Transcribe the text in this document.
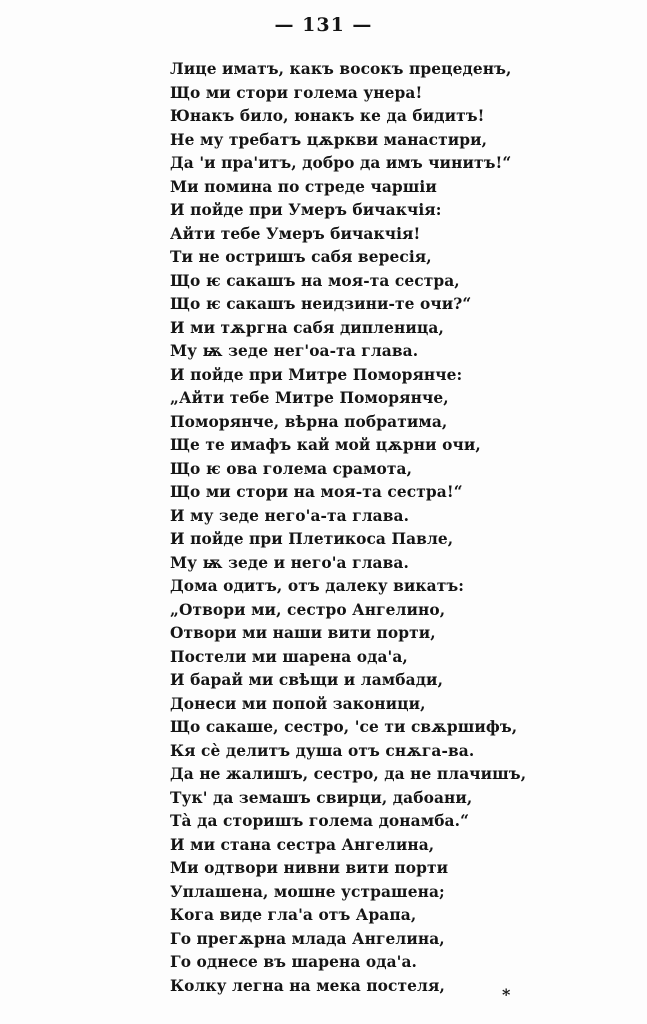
— 131 —
Лице иматъ, какъ восокъ прецеденъ,
Що ми стори голема унера!
Юнакъ било, юнакъ ке да бидитъ!
Не му требатъ цѫркви манастири,
Да 'и пра'итъ, добро да имъ чинитъ!“
Ми помина по стреде чаршіи
И пойде при Умеръ бичакчія:
Айти тебе Умеръ бичакчія!
Ти не остришъ сабя вересія,
Що ѥ сакашъ на моя-та сестра,
Що ѥ сакашъ неидзини-те очи?“
И ми тѫргна сабя дипленица,
Му ѭ зеде нег'оа-та глава.
И пойде при Митре Поморянче:
„Айти тебе Митре Поморянче,
Поморянче, вѣрна побратима,
Ще те имафъ кай мой цѫрни очи,
Що ѥ ова голема срамота,
Що ми стори на моя-та сестра!“
И му зеде него'а-та глава.
И пойде при Плетикоса Павле,
Му ѭ зеде и него'а глава.
Дома одитъ, отъ далеку викатъ:
„Отвори ми, сестро Ангелино,
Отвори ми наши вити порти,
Постели ми шарена ода'а,
И барай ми свѣщи и ламбади,
Донеси ми попой законици,
Що сакаше, сестро, 'се ти свѫршифъ,
Кя сѐ делитъ душа отъ снѫга-ва.
Да не жалишъ, сестро, да не плачишъ,
Тук' да земашъ свирци, дабоани,
Та̀ да сторишъ голема донамба.“
И ми стана сестра Ангелина,
Ми одтвори нивни вити порти
Уплашена, мошне устрашена;
Кога виде гла'а отъ Арапа,
Го прегѫрна млада Ангелина,
Го однесе въ шарена ода'а.
Колку легна на мека постеля,	*
